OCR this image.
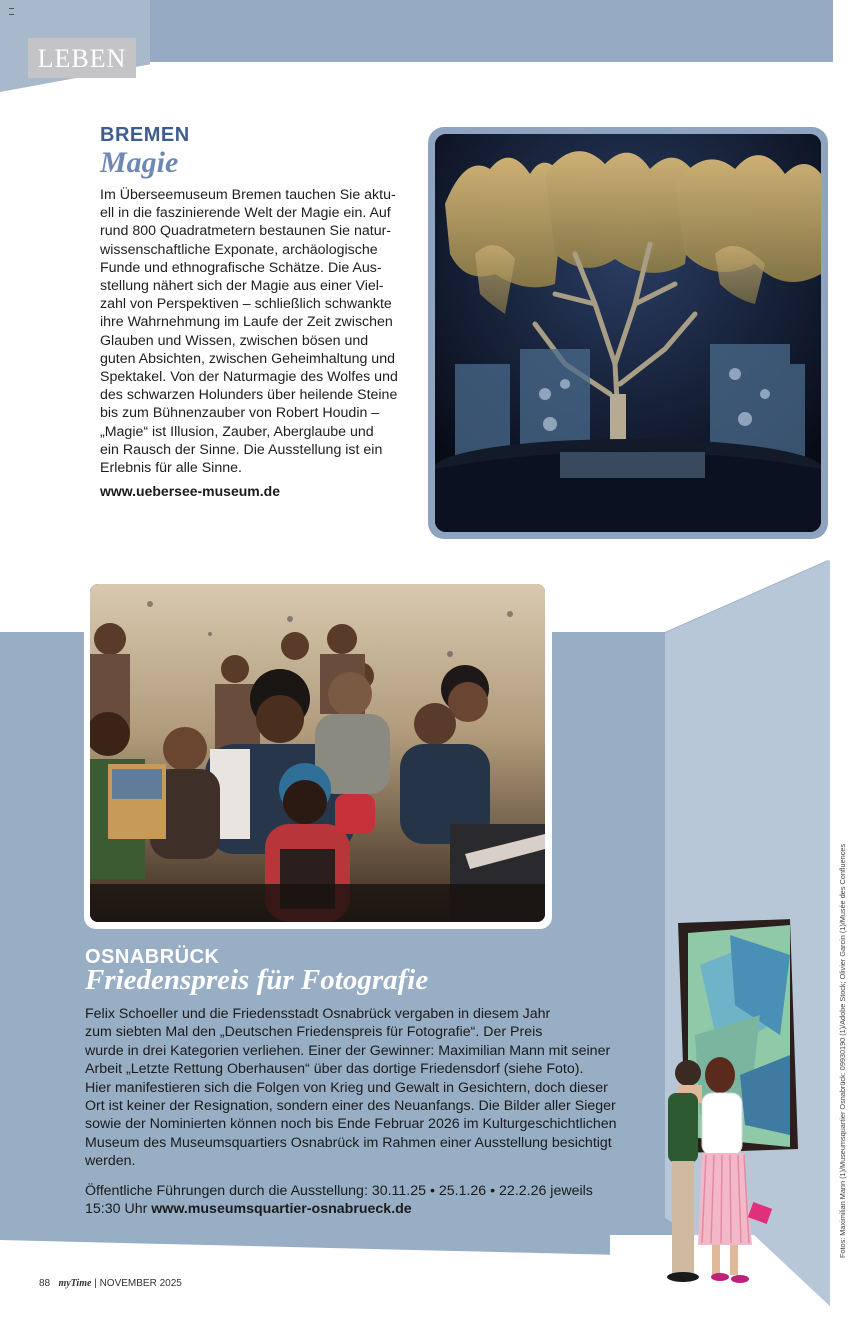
LEBEN
BREMEN
Magie
Im Überseemuseum Bremen tauchen Sie aktu-
ell in die faszinierende Welt der Magie ein. Auf
rund 800 Quadratmetern bestaunen Sie natur-
wissenschaftliche Exponate, archäologische
Funde und ethnografische Schätze. Die Aus-
stellung nähert sich der Magie aus einer Viel-
zahl von Perspektiven – schließlich schwankte
ihre Wahrnehmung im Laufe der Zeit zwischen
Glauben und Wissen, zwischen bösen und
guten Absichten, zwischen Geheimhaltung und
Spektakel. Von der Naturmagie des Wolfes und
des schwarzen Holunders über heilende Steine
bis zum Bühnenzauber von Robert Houdin –
„Magie“ ist Illusion, Zauber, Aberglaube und
ein Rausch der Sinne. Die Ausstellung ist ein
Erlebnis für alle Sinne.
www.uebersee-museum.de
OSNABRÜCK
Friedenspreis für Fotografie
Felix Schoeller und die Friedensstadt Osnabrück vergaben in diesem Jahr
zum siebten Mal den „Deutschen Friedenspreis für Fotografie“. Der Preis
wurde in drei Kategorien verliehen. Einer der Gewinner: Maximilian Mann mit seiner
Arbeit „Letzte Rettung Oberhausen“ über das dortige Friedensdorf (siehe Foto).
Hier manifestieren sich die Folgen von Krieg und Gewalt in Gesichtern, doch dieser
Ort ist keiner der Resignation, sondern einer des Neuanfangs. Die Bilder aller Sieger
sowie der Nominierten können noch bis Ende Februar 2026 im Kulturgeschichtlichen
Museum des Museumsquartiers Osnabrück im Rahmen einer Ausstellung besichtigt
werden.
Öffentliche Führungen durch die Ausstellung: 30.11.25 • 25.1.26 • 22.2.26 jeweils
15:30 Uhr www.museumsquartier-osnabrueck.de
88 myTime | NOVEMBER 2025
Fotos: Maximilian Mann (1)/Museumsquartier Osnabrück: 09930190 (1)/Adobe Stock; Olivier Garcin (1)/Musée des Confluences
